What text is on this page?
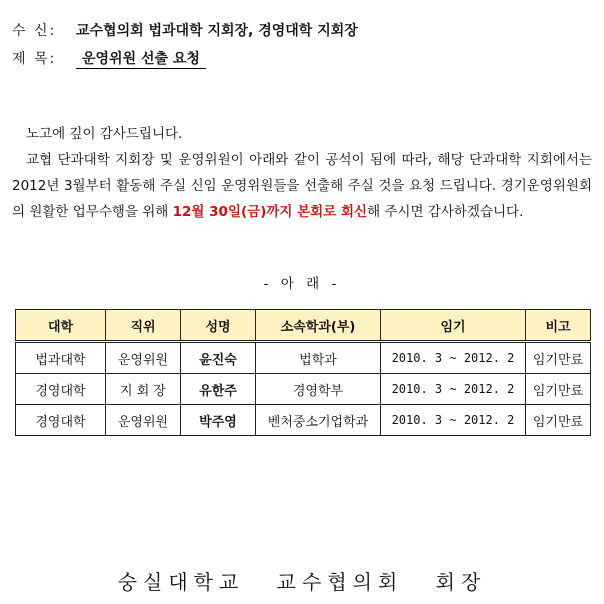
수 신: 교수협의회 법과대학 지회장, 경영대학 지회장
제 목: 운영위원 선출 요청
노고에 깊이 감사드립니다.
교협 단과대학 지회장 및 운영위원이 아래와 같이 공석이 됨에 따라, 해당 단과대학 지회에서는 2012년 3월부터 활동해 주실 신임 운영위원들을 선출해 주실 것을 요청 드립니다. 경기운영위원회의 원활한 업무수행을 위해 12월 30일(금)까지 본회로 회신해 주시면 감사하겠습니다.
- 아 래 -
대학	직위	성명	소속학과(부)	임기	비고
법과대학	운영위원	윤진숙	법학과	2010. 3 ~ 2012. 2	임기만료
경영대학	지 회 장	유한주	경영학부	2010. 3 ~ 2012. 2	임기만료
경영대학	운영위원	박주영	벤처중소기업학과	2010. 3 ~ 2012. 2	임기만료
숭실대학교 교수협의회 회장
